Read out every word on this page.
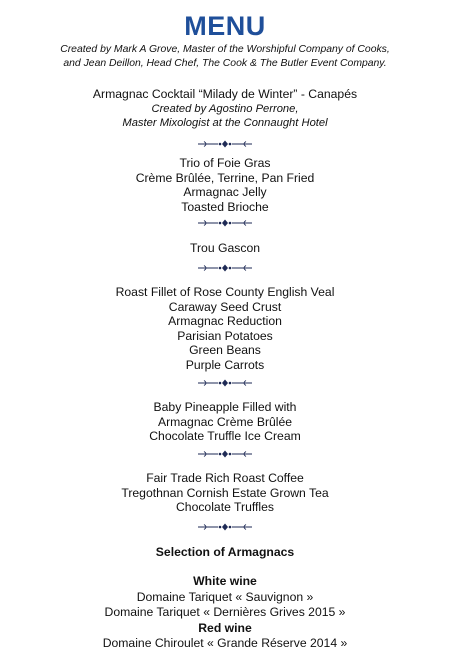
MENU
Created by Mark A Grove, Master of the Worshipful Company of Cooks,
and Jean Deillon, Head Chef, The Cook & The Butler Event Company.
Armagnac Cocktail “Milady de Winter” - Canapés
Created by Agostino Perrone,
Master Mixologist at the Connaught Hotel
Trio of Foie Gras
Crème Brûlée, Terrine, Pan Fried
Armagnac Jelly
Toasted Brioche
Trou Gascon
Roast Fillet of Rose County English Veal
Caraway Seed Crust
Armagnac Reduction
Parisian Potatoes
Green Beans
Purple Carrots
Baby Pineapple Filled with
Armagnac Crème Brûlée
Chocolate Truffle Ice Cream
Fair Trade Rich Roast Coffee
Tregothnan Cornish Estate Grown Tea
Chocolate Truffles
Selection of Armagnacs
White wine
Domaine Tariquet « Sauvignon »
Domaine Tariquet « Dernières Grives 2015 »
Red wine
Domaine Chiroulet « Grande Réserve 2014 »
